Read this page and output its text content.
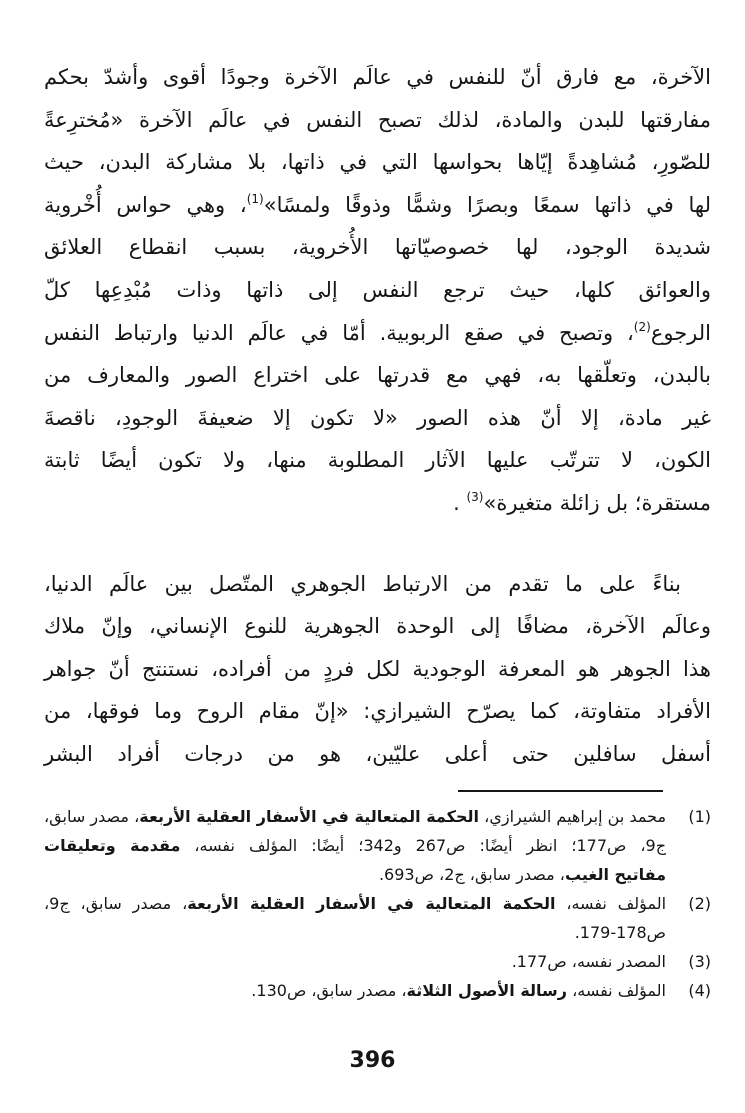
الآخرة، مع فارق أنّ للنفس في عالَم الآخرة وجودًا أقوى وأشدّ بحكم
مفارقتها للبدن والمادة، لذلك تصبح النفس في عالَم الآخرة «مُخترِعةً
للصّورِ، مُشاهِدةً إيّاها بحواسها التي في ذاتها، بلا مشاركة البدن، حيث
لها في ذاتها سمعًا وبصرًا وشمًّا وذوقًا ولمسًا»$^{(1)}$، وهي حواس أُخْروية
شديدة الوجود، لها خصوصيّاتها الأُخروية، بسبب انقطاع العلائق
والعوائق كلها، حيث ترجع النفس إلى ذاتها وذات مُبْدِعِها كلّ
الرجوع$^{(2)}$، وتصبح في صقع الربوبية. أمّا في عالَم الدنيا وارتباط النفس
بالبدن، وتعلّقها به، فهي مع قدرتها على اختراع الصور والمعارف من
غير مادة، إلا أنّ هذه الصور «لا تكون إلا ضعيفةَ الوجودِ، ناقصةَ
الكون، لا تترتّب عليها الآثار المطلوبة منها، ولا تكون أيضًا ثابتة
مستقرة؛ بل زائلة متغيرة»$^{(3)}$ .
بناءً على ما تقدم من الارتباط الجوهري المتّصل بين عالَم الدنيا،
وعالَم الآخرة، مضافًا إلى الوحدة الجوهرية للنوع الإنساني، وإنّ ملاك
هذا الجوهر هو المعرفة الوجودية لكل فردٍ من أفراده، نستنتج أنّ جواهر
الأفراد متفاوتة، كما يصرّح الشيرازي: «إنّ مقام الروح وما فوقها، من
أسفل سافلين حتى أعلى عليّين، هو من درجات أفراد البشر
(1)
محمد بن إبراهيم الشيرازي، الحكمة المتعالية في الأسفار العقلية الأربعة، مصدر سابق،
ج9، ص177؛ انظر أيضًا: ص267 و342؛ أيضًا: المؤلف نفسه، مقدمة وتعليقات
مفاتيح الغيب، مصدر سابق، ج2، ص693.
(2)
المؤلف نفسه، الحكمة المتعالية في الأسفار العقلية الأربعة، مصدر سابق، ج9،
ص178-179.
(3)
المصدر نفسه، ص177.
(4)
المؤلف نفسه، رسالة الأصول الثلاثة، مصدر سابق، ص130.
396
